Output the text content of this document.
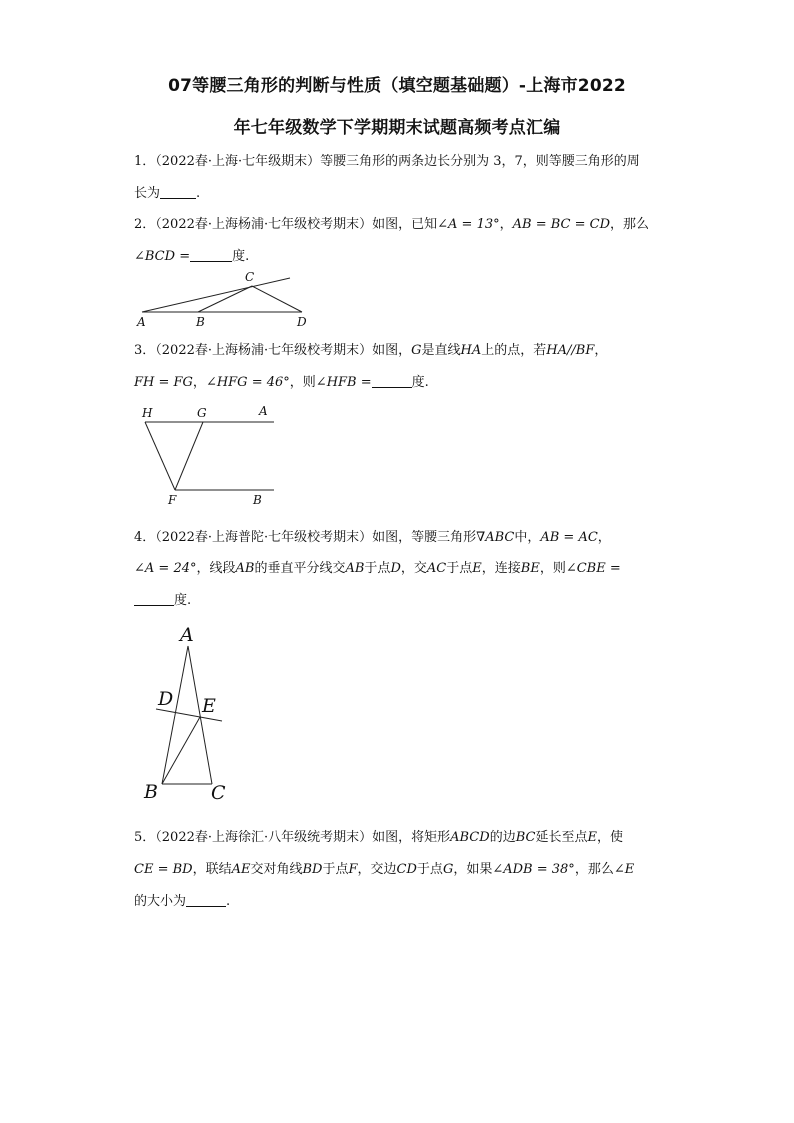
07等腰三角形的判断与性质（填空题基础题）-上海市2022
年七年级数学下学期期末试题高频考点汇编
1．（2022春·上海·七年级期末）等腰三角形的两条边长分别为 3，7，则等腰三角形的周
长为	.
2．（2022春·上海杨浦·七年级校考期末）如图，已知∠A = 13°，AB = BC = CD，那么
∠BCD =	度.
C
A	B	D
3．（2022春·上海杨浦·七年级校考期末）如图，G是直线HA上的点，若HA//BF，
FH = FG，∠HFG = 46°，则∠HFB =	度.
H	G	A
F	B
4．（2022春·上海普陀·七年级校考期末）如图，等腰三角形∇ABC中，AB = AC，
∠A = 24°，线段AB的垂直平分线交AB于点D，交AC于点E，连接BE，则∠CBE =
度.
A
D E
B	C
5．（2022春·上海徐汇·八年级统考期末）如图，将矩形ABCD的边BC延长至点E，使
CE = BD，联结AE交对角线BD于点F，交边CD于点G，如果∠ADB = 38°，那么∠E
的大小为	.
